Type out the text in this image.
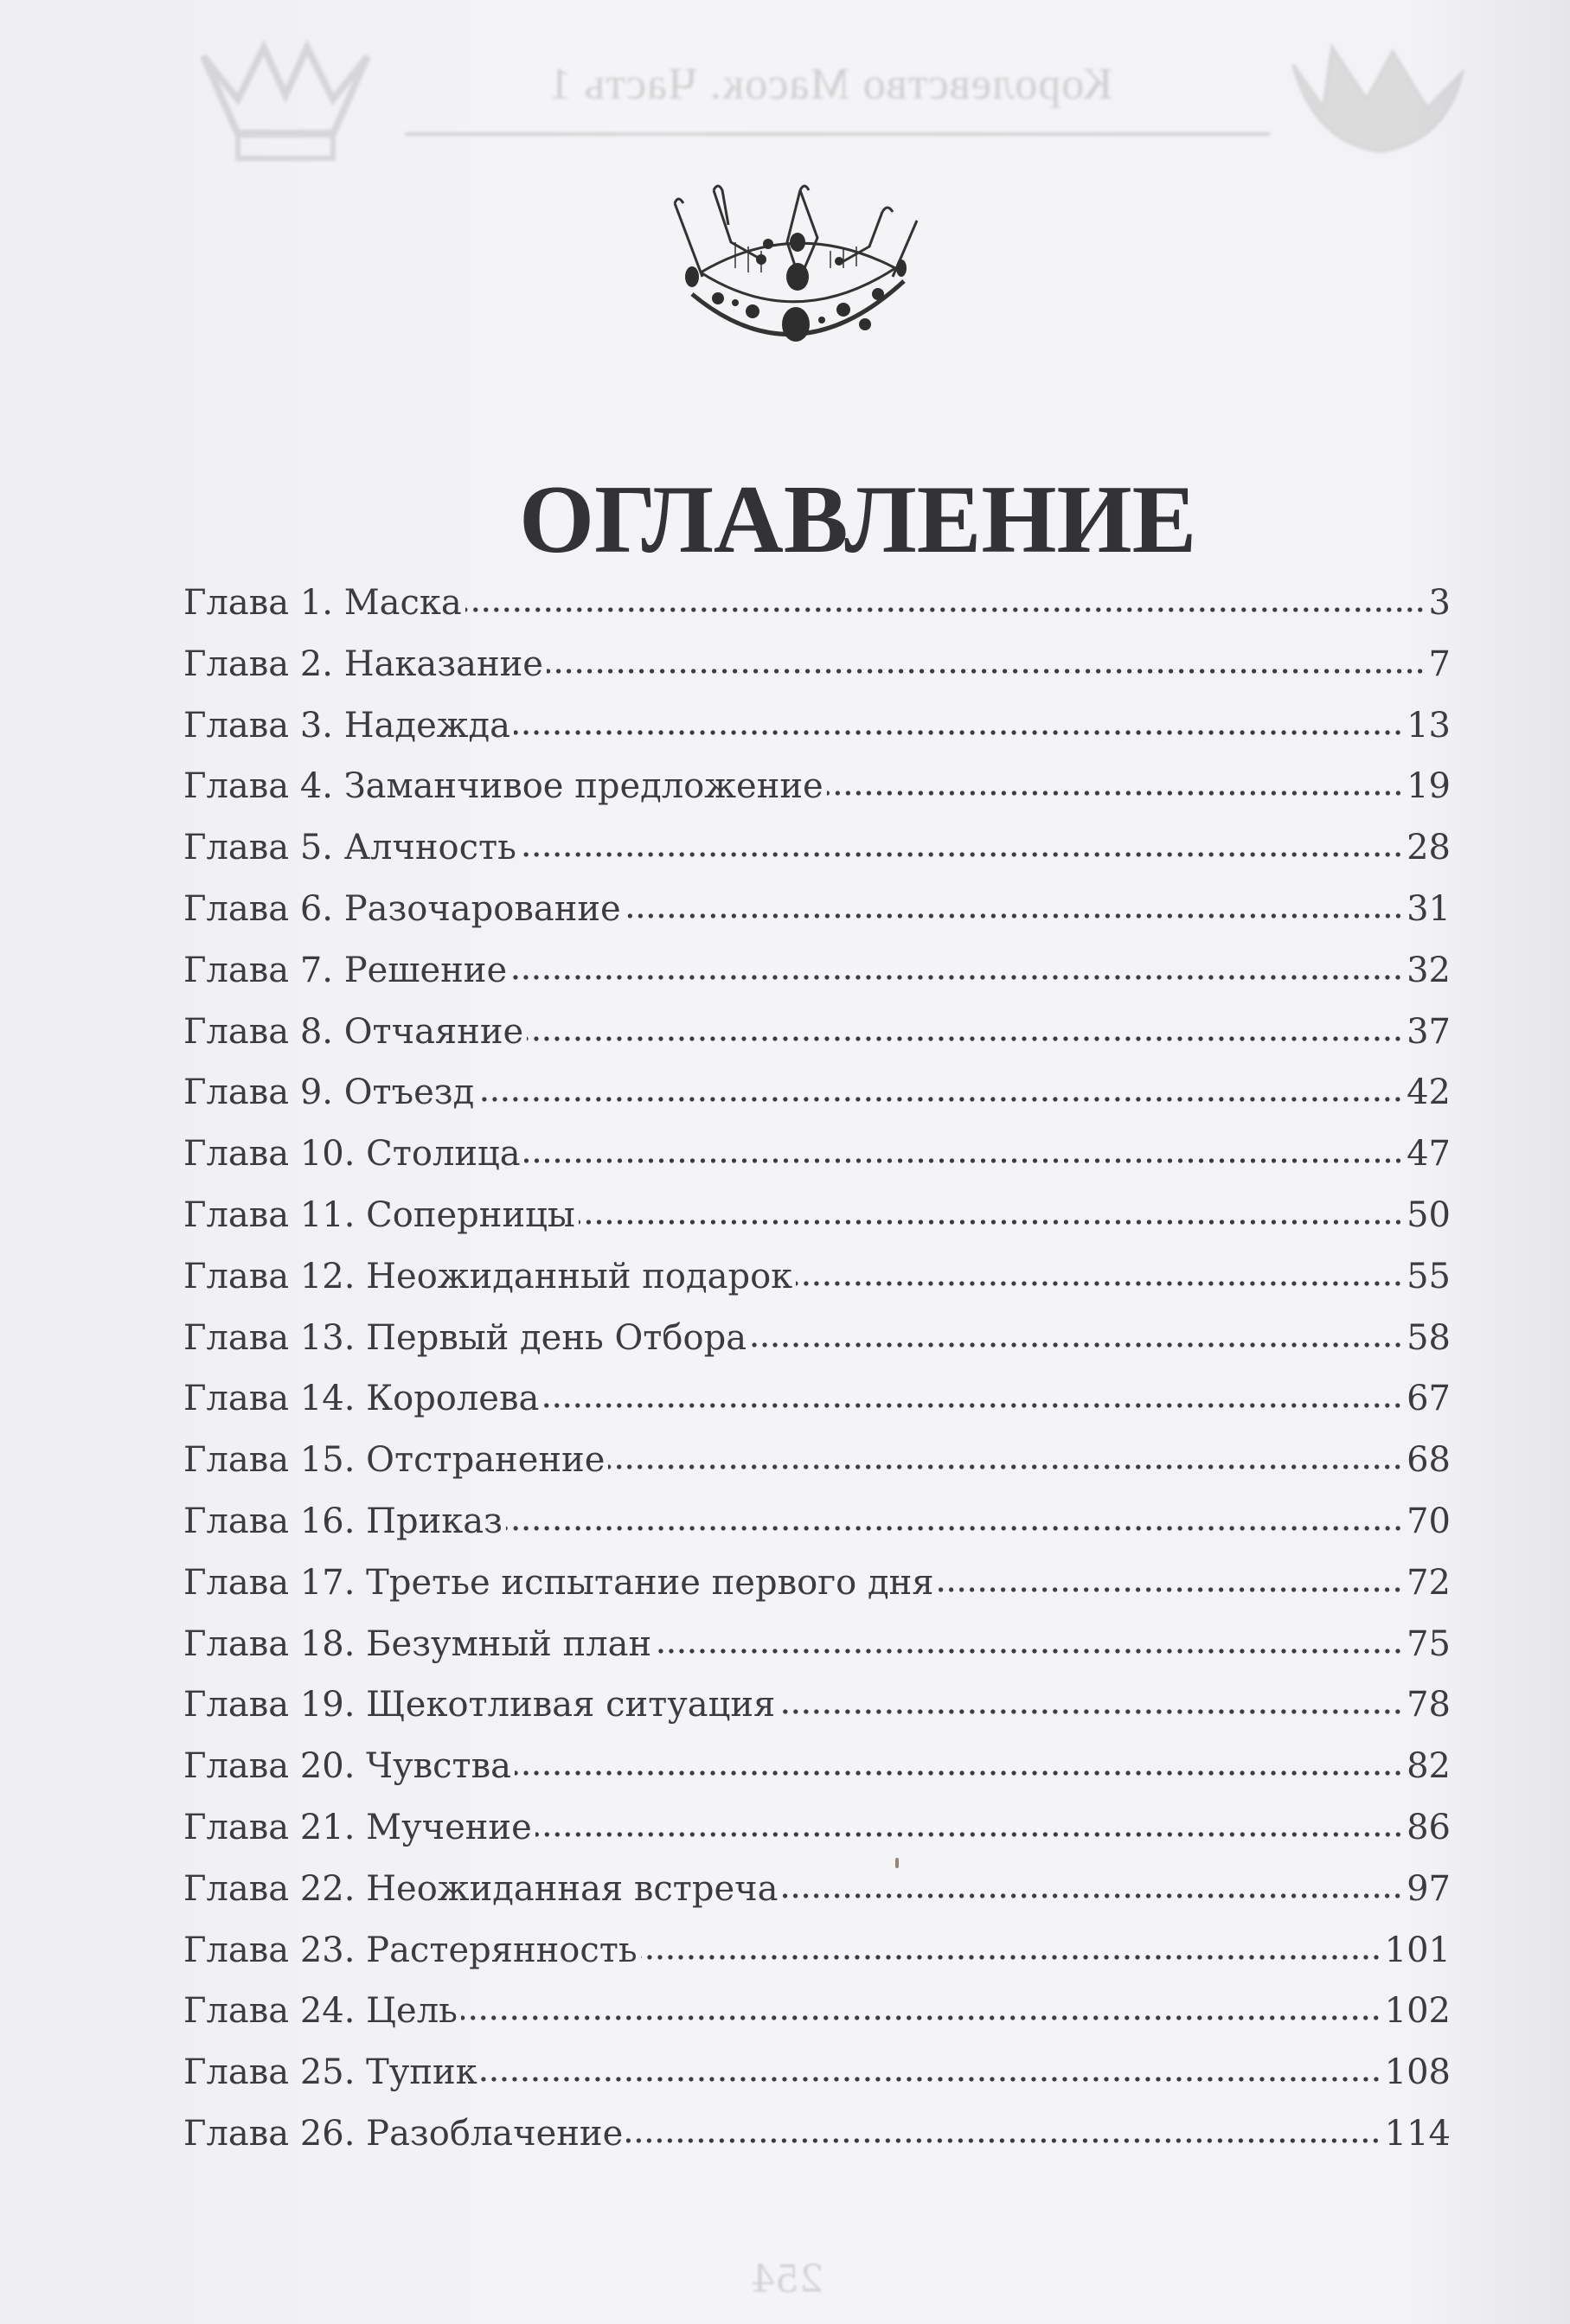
Королевство Масок. Часть 1
ОГЛАВЛЕНИЕ
Глава 1. Маска	3
Глава 2. Наказание	7
Глава 3. Надежда	13
Глава 4. Заманчивое предложение	19
Глава 5. Алчность	28
Глава 6. Разочарование	31
Глава 7. Решение	32
Глава 8. Отчаяние	37
Глава 9. Отъезд	42
Глава 10. Столица	47
Глава 11. Соперницы	50
Глава 12. Неожиданный подарок	55
Глава 13. Первый день Отбора	58
Глава 14. Королева	67
Глава 15. Отстранение	68
Глава 16. Приказ	70
Глава 17. Третье испытание первого дня	72
Глава 18. Безумный план	75
Глава 19. Щекотливая ситуация	78
Глава 20. Чувства	82
Глава 21. Мучение	86
Глава 22. Неожиданная встреча	97
Глава 23. Растерянность	101
Глава 24. Цель	102
Глава 25. Тупик	108
Глава 26. Разоблачение	114
254
